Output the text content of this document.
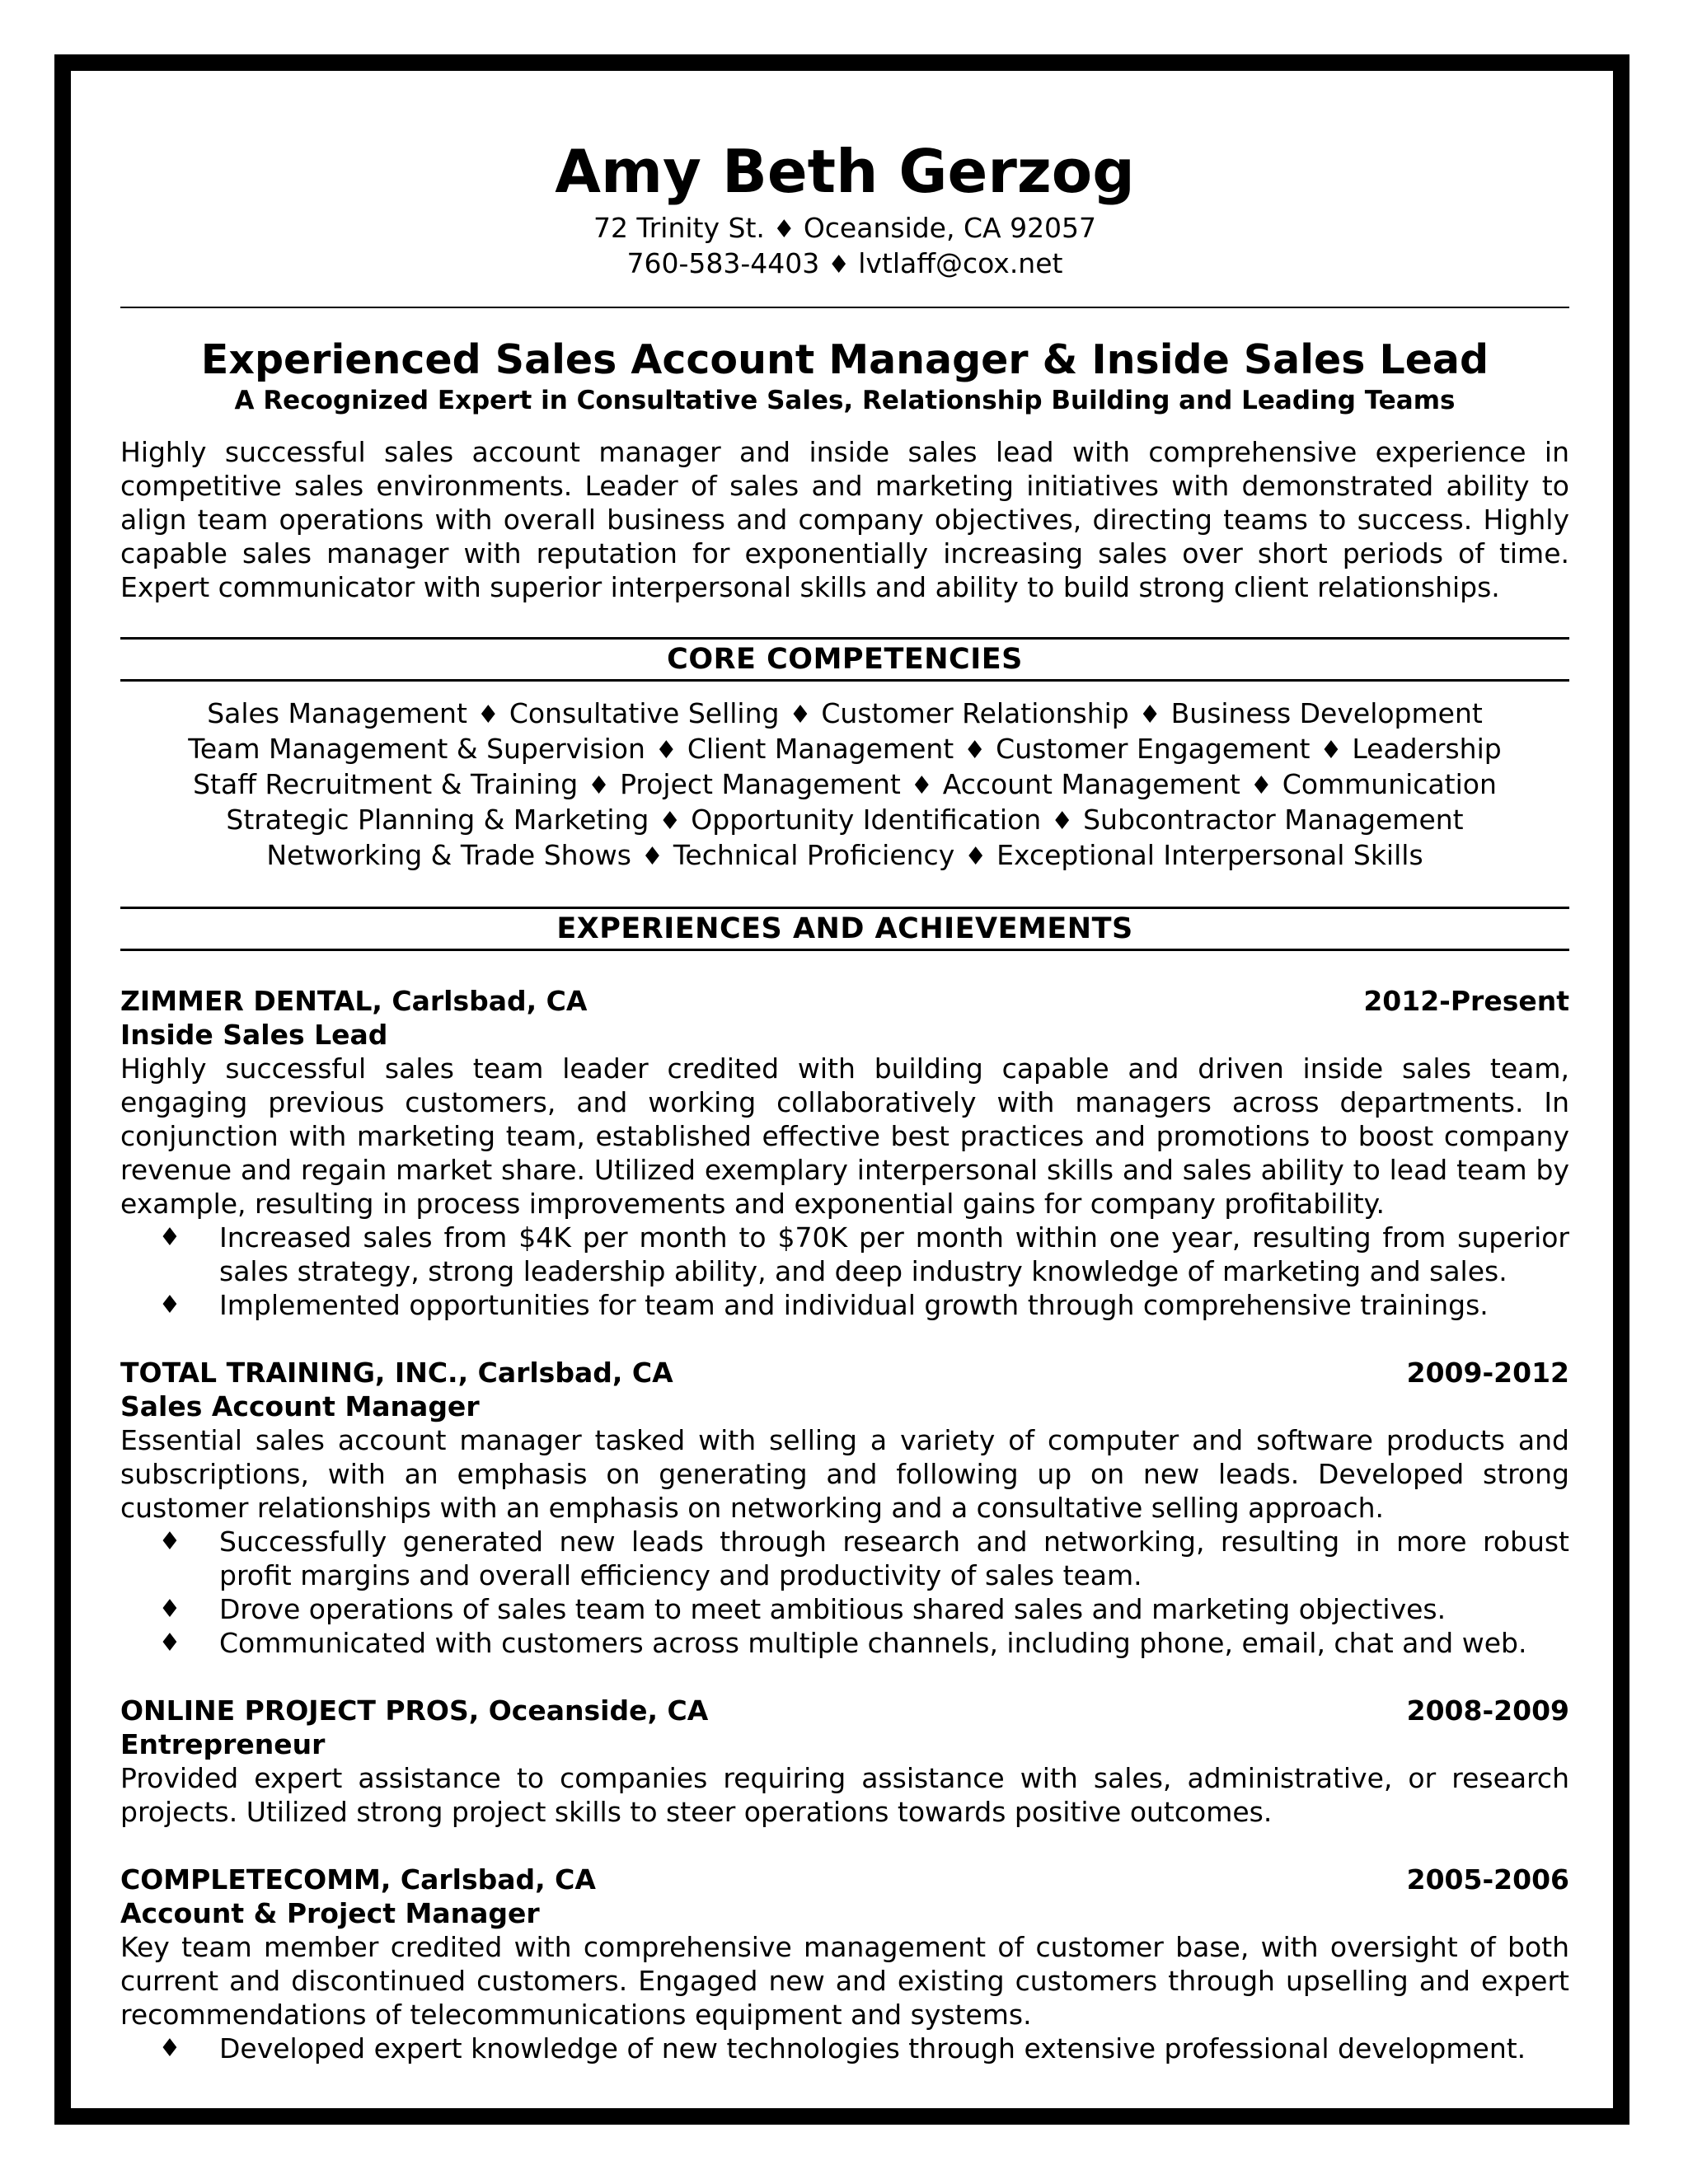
Amy Beth Gerzog
72 Trinity St. ♦ Oceanside, CA 92057
760-583-4403 ♦ lvtlaff@cox.net
Experienced Sales Account Manager & Inside Sales Lead
A Recognized Expert in Consultative Sales, Relationship Building and Leading Teams
Highly successful sales account manager and inside sales lead with comprehensive experience in competitive sales environments. Leader of sales and marketing initiatives with demonstrated ability to align team operations with overall business and company objectives, directing teams to success. Highly capable sales manager with reputation for exponentially increasing sales over short periods of time. Expert communicator with superior interpersonal skills and ability to build strong client relationships.
CORE COMPETENCIES
Sales Management ♦ Consultative Selling ♦ Customer Relationship ♦ Business Development
Team Management & Supervision ♦ Client Management ♦ Customer Engagement ♦ Leadership
Staff Recruitment & Training ♦ Project Management ♦ Account Management ♦ Communication
Strategic Planning & Marketing ♦ Opportunity Identification ♦ Subcontractor Management
Networking & Trade Shows ♦ Technical Proficiency ♦ Exceptional Interpersonal Skills
EXPERIENCES AND ACHIEVEMENTS
ZIMMER DENTAL, Carlsbad, CA	2012-Present
Inside Sales Lead
Highly successful sales team leader credited with building capable and driven inside sales team, engaging previous customers, and working collaboratively with managers across departments. In conjunction with marketing team, established effective best practices and promotions to boost company revenue and regain market share. Utilized exemplary interpersonal skills and sales ability to lead team by example, resulting in process improvements and exponential gains for company profitability.
♦	Increased sales from $4K per month to $70K per month within one year, resulting from superior sales strategy, strong leadership ability, and deep industry knowledge of marketing and sales.
♦	Implemented opportunities for team and individual growth through comprehensive trainings.
TOTAL TRAINING, INC., Carlsbad, CA	2009-2012
Sales Account Manager
Essential sales account manager tasked with selling a variety of computer and software products and subscriptions, with an emphasis on generating and following up on new leads. Developed strong customer relationships with an emphasis on networking and a consultative selling approach.
♦	Successfully generated new leads through research and networking, resulting in more robust profit margins and overall efficiency and productivity of sales team.
♦	Drove operations of sales team to meet ambitious shared sales and marketing objectives.
♦	Communicated with customers across multiple channels, including phone, email, chat and web.
ONLINE PROJECT PROS, Oceanside, CA	2008-2009
Entrepreneur
Provided expert assistance to companies requiring assistance with sales, administrative, or research projects. Utilized strong project skills to steer operations towards positive outcomes.
COMPLETECOMM, Carlsbad, CA	2005-2006
Account & Project Manager
Key team member credited with comprehensive management of customer base, with oversight of both current and discontinued customers. Engaged new and existing customers through upselling and expert recommendations of telecommunications equipment and systems.
♦	Developed expert knowledge of new technologies through extensive professional development.
